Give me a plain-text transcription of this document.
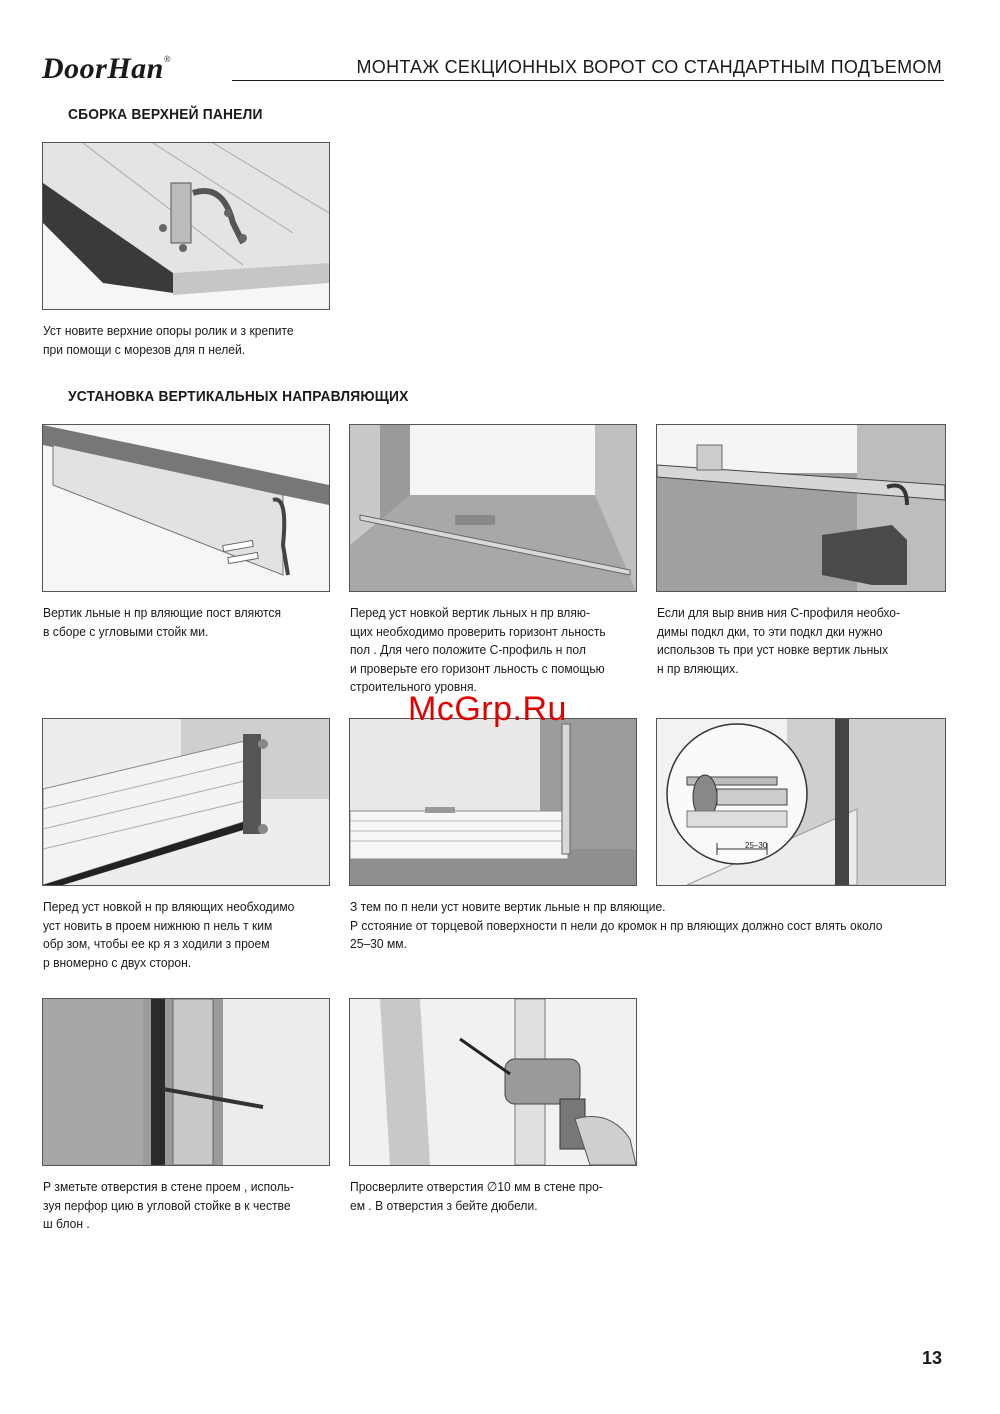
DoorHan®	МОНТАЖ СЕКЦИОННЫХ ВОРОТ СО СТАНДАРТНЫМ ПОДЪЕМОМ
СБОРКА ВЕРХНЕЙ ПАНЕЛИ
Уст новите верхние опоры ролик и з крепите
при помощи с морезов для п нелей.
УСТАНОВКА ВЕРТИКАЛЬНЫХ НАПРАВЛЯЮЩИХ
Вертик льные н пр вляющие пост вляются
в сборе с угловыми стойк ми.
Перед уст новкой вертик льных н пр вляю-
щих необходимо проверить горизонт льность
пол . Для чего положите С-профиль н пол
и проверьте его горизонт льность с помощью
строительного уровня.
Если для выр внив ния С-профиля необхо-
димы подкл дки, то эти подкл дки нужно
использов ть при уст новке вертик льных
н пр вляющих.
25–30
Перед уст новкой н пр вляющих необходимо
уст новить в проем нижнюю п нель т ким
обр зом, чтобы ее кр я з ходили з проем
р вномерно с двух сторон.
З тем по п нели уст новите вертик льные н пр вляющие.
Р сстояние от торцевой поверхности п нели до кромок н пр вляющих должно сост влять около
25–30 мм.
Р зметьте отверстия в стене проем , исполь-
зуя перфор цию в угловой стойке в к честве
ш блон .
Просверлите отверстия ∅10 мм в стене про-
ем . В отверстия з бейте дюбели.
McGrp.Ru
13
